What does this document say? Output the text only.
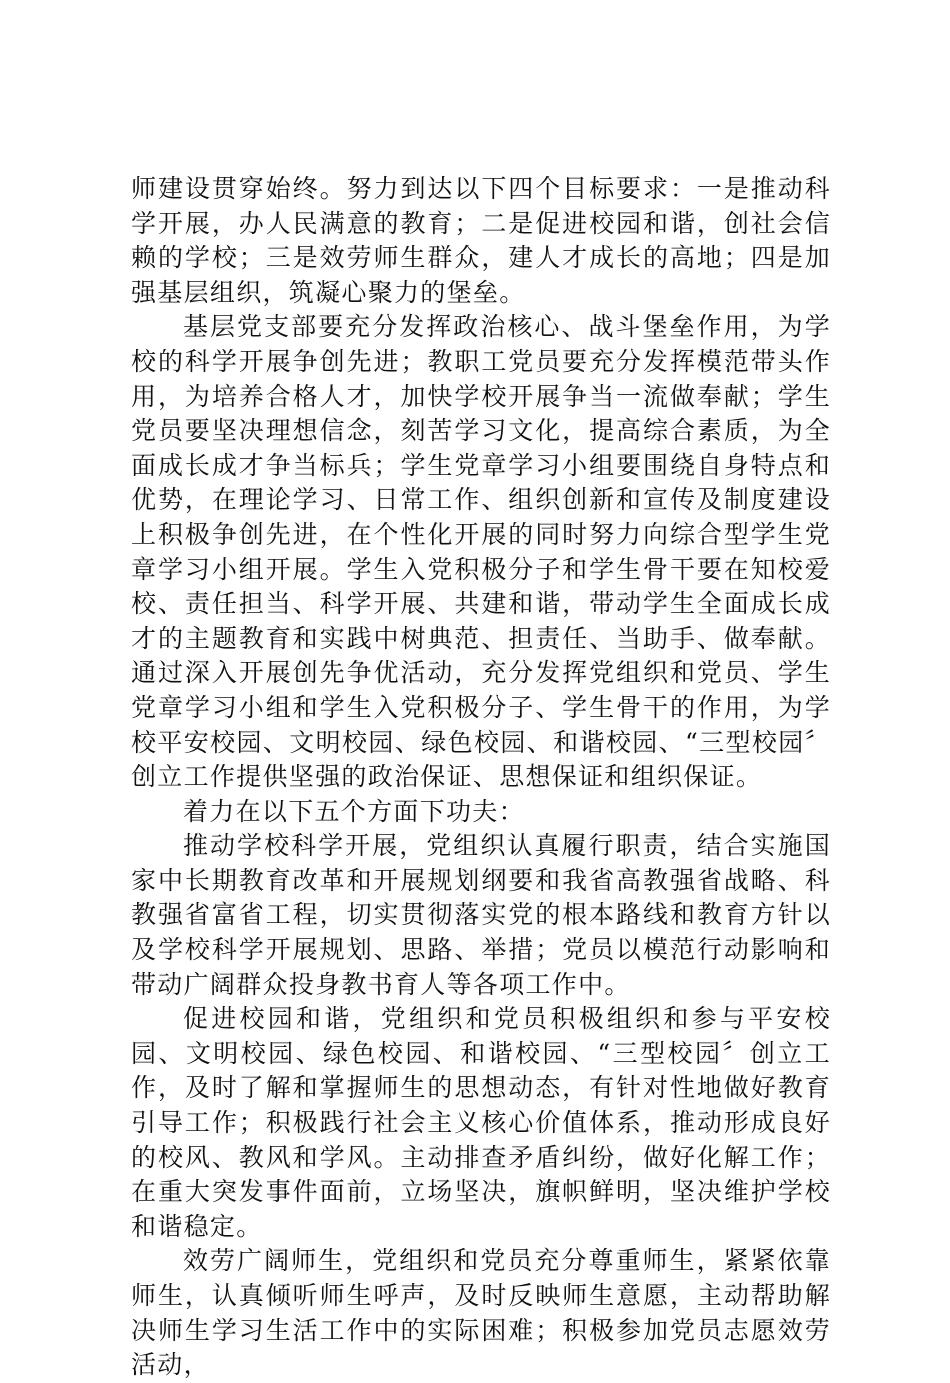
师建设贯穿始终。努力到达以下四个目标要求：一是推动科学开展，办人民满意的教育；二是促进校园和谐，创社会信赖的学校；三是效劳师生群众，建人才成长的高地；四是加强基层组织，筑凝心聚力的堡垒。

基层党支部要充分发挥政治核心、战斗堡垒作用，为学校的科学开展争创先进；教职工党员要充分发挥模范带头作用，为培养合格人才，加快学校开展争当一流做奉献；学生党员要坚决理想信念，刻苦学习文化，提高综合素质，为全面成长成才争当标兵；学生党章学习小组要围绕自身特点和优势，在理论学习、日常工作、组织创新和宣传及制度建设上积极争创先进，在个性化开展的同时努力向综合型学生党章学习小组开展。学生入党积极分子和学生骨干要在知校爱校、责任担当、科学开展、共建和谐，带动学生全面成长成才的主题教育和实践中树典范、担责任、当助手、做奉献。通过深入开展创先争优活动，充分发挥党组织和党员、学生党章学习小组和学生入党积极分子、学生骨干的作用，为学校平安校园、文明校园、绿色校园、和谐校园、“三型校园〞创立工作提供坚强的政治保证、思想保证和组织保证。

着力在以下五个方面下功夫：

推动学校科学开展，党组织认真履行职责，结合实施国家中长期教育改革和开展规划纲要和我省高教强省战略、科教强省富省工程，切实贯彻落实党的根本路线和教育方针以及学校科学开展规划、思路、举措；党员以模范行动影响和带动广阔群众投身教书育人等各项工作中。

促进校园和谐，党组织和党员积极组织和参与平安校园、文明校园、绿色校园、和谐校园、“三型校园〞创立工作，及时了解和掌握师生的思想动态，有针对性地做好教育引导工作；积极践行社会主义核心价值体系，推动形成良好的校风、教风和学风。主动排查矛盾纠纷，做好化解工作；在重大突发事件面前，立场坚决，旗帜鲜明，坚决维护学校和谐稳定。

效劳广阔师生，党组织和党员充分尊重师生，紧紧依靠师生，认真倾听师生呼声，及时反映师生意愿，主动帮助解决师生学习生活工作中的实际困难；积极参加党员志愿效劳活动，
